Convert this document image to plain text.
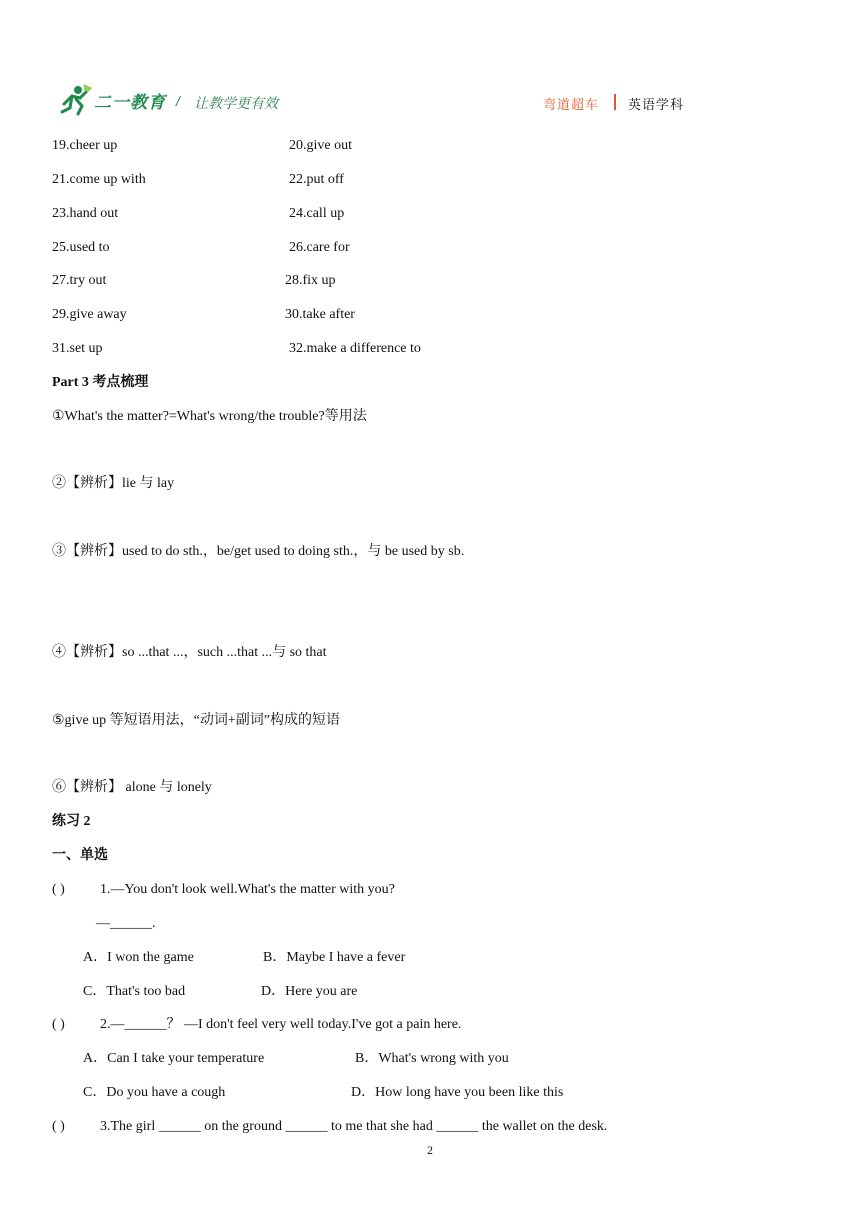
二一教育 / 让教学更有效	弯道超车 英语学科
19.cheer up	20.give out
21.come up with	22.put off
23.hand out	24.call up
25.used to	26.care for
27.try out	28.fix up
29.give away	30.take after
31.set up	32.make a difference to
Part 3 考点梳理
①What's the matter?=What's wrong/the trouble?等用法
②【辨析】lie 与 lay
③【辨析】used to do sth.，be/get used to doing sth.，与 be used by sb.
④【辨析】so ...that ...，such ...that ...与 so that
⑤give up 等短语用法，“动词+副词”构成的短语
⑥【辨析】 alone 与 lonely
练习 2
一、单选
( )	1.—You don't look well.What's the matter with you?
—______.
A．I won the game	B．Maybe I have a fever
C．That's too bad	D．Here you are
( )	2.—______？ —I don't feel very well today.I've got a pain here.
A．Can I take your temperature	B．What's wrong with you
C．Do you have a cough	D．How long have you been like this
( )	3.The girl ______ on the ground ______ to me that she had ______ the wallet on the desk.
2
